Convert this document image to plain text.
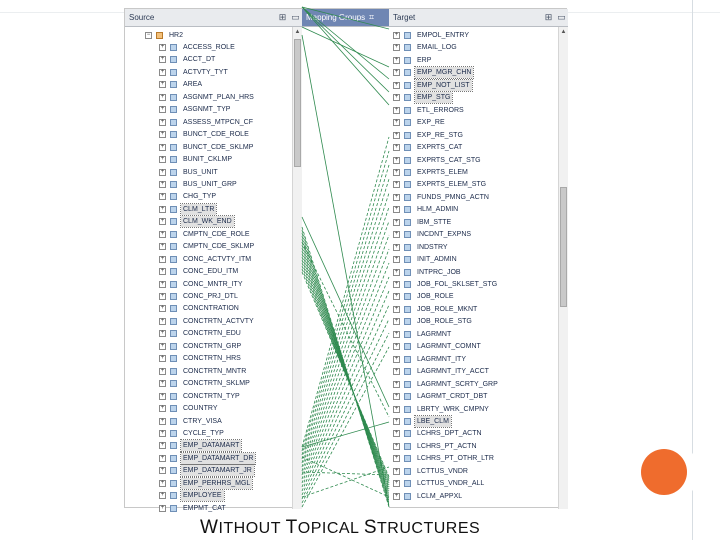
Source	⊞ ▭ Mapping Groups ⌗	Target	⊞ ▭
−	HR2
+	ACCESS_ROLE
+	ACCT_DT
+	ACTVTY_TYT
+	AREA
+	ASGNMT_PLAN_HRS
+	ASGNMT_TYP
+	ASSESS_MTPCN_CF
+	BUNCT_CDE_ROLE
+	BUNCT_CDE_SKLMP
+	BUNIT_CKLMP
+	BUS_UNIT
+	BUS_UNIT_GRP
+	CHG_TYP
+	CLM_LTR
+	CLM_WK_END
+	CMPTN_CDE_ROLE
+	CMPTN_CDE_SKLMP
+	CONC_ACTVTY_ITM
+	CONC_EDU_ITM
+	CONC_MNTR_ITY
+	CONC_PRJ_DTL
+	CONCNTRATION
+	CONCTRTN_ACTVTY
+	CONCTRTN_EDU
+	CONCTRTN_GRP
+	CONCTRTN_HRS
+	CONCTRTN_MNTR
+	CONCTRTN_SKLMP
+	CONCTRTN_TYP
+	COUNTRY
+	CTRY_VISA
+	CYCLE_TYP
+	EMP_DATAMART
+	EMP_DATAMART_DR
+	EMP_DATAMART_JR
+	EMP_PERHRS_MGL
+	EMPLOYEE
+	EMPMT_CAT
▲	+	EMPOL_ENTRY
+	EMAIL_LOG
+	ERP
+	EMP_MGR_CHN
+	EMP_NOT_LIST
+	EMP_STG
+	ETL_ERRORS
+	EXP_RE
+	EXP_RE_STG
+	EXPRTS_CAT
+	EXPRTS_CAT_STG
+	EXPRTS_ELEM
+	EXPRTS_ELEM_STG
+	FUNDS_PMNG_ACTN
+	HLM_ADMIN
+	IBM_STTE
+	INCDNT_EXPNS
+	INDSTRY
+	INIT_ADMIN
+	INTPRC_JOB
+	JOB_FOL_SKLSET_STG
+	JOB_ROLE
+	JOB_ROLE_MKNT
+	JOB_ROLE_STG
+	LAGRMNT
+	LAGRMNT_COMNT
+	LAGRMNT_ITY
+	LAGRMNT_ITY_ACCT
+	LAGRMNT_SCRTY_GRP
+	LAGRMT_CRDT_DBT
+	LBRTY_WRK_CMPNY
+	LBE_CLM
+	LCHRS_DPT_ACTN
+	LCHRS_PT_ACTN
+	LCHRS_PT_OTHR_LTR
+	LCTTUS_VNDR
+	LCTTUS_VNDR_ALL
+	LCLM_APPXL
▲
WITHOUT TOPICAL STRUCTURES
